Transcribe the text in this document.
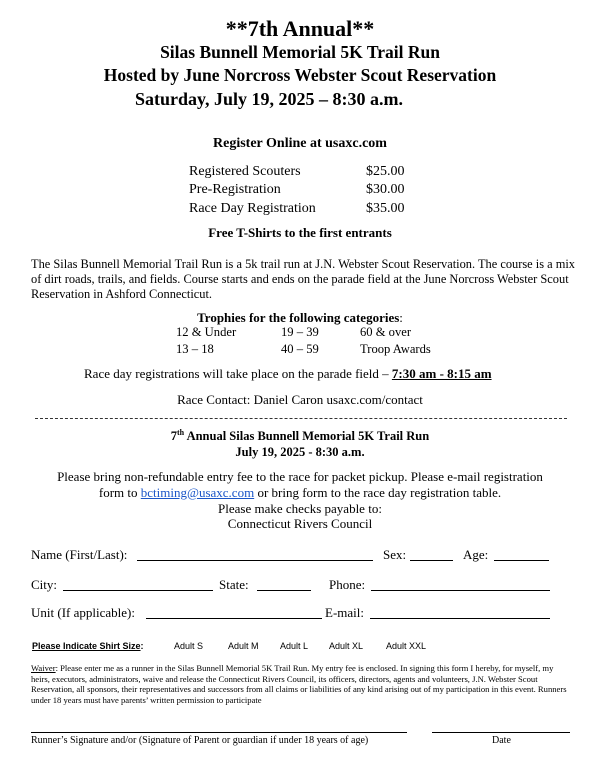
**7th Annual**
Silas Bunnell Memorial 5K Trail Run
Hosted by June Norcross Webster Scout Reservation
Saturday, July 19, 2025 – 8:30 a.m.
Register Online at usaxc.com
Registered Scouters	$25.00
Pre-Registration	$30.00
Race Day Registration	$35.00
Free T-Shirts to the first entrants
The Silas Bunnell Memorial Trail Run is a 5k trail run at J.N. Webster Scout Reservation. The course is a mix of dirt roads, trails, and fields. Course starts and ends on the parade field at the June Norcross Webster Scout Reservation in Ashford Connecticut.
Trophies for the following categories:
12 & Under	19 – 39	60 & over
13 – 18	40 – 59	Troop Awards
Race day registrations will take place on the parade field – 7:30 am - 8:15 am
Race Contact: Daniel Caron usaxc.com/contact
7th Annual Silas Bunnell Memorial 5K Trail Run
July 19, 2025 - 8:30 a.m.
Please bring non-refundable entry fee to the race for packet pickup. Please e-mail registration
form to bctiming@usaxc.com or bring form to the race day registration table.
Please make checks payable to:
Connecticut Rivers Council
Name (First/Last):	Sex:	Age:
City:	State:	Phone:
Unit (If applicable):	E-mail:
Please Indicate Shirt Size:	Adult S	Adult M Adult L Adult XL	Adult XXL
Waiver: Please enter me as a runner in the Silas Bunnell Memorial 5K Trail Run. My entry fee is enclosed. In signing this form I hereby, for myself, my heirs, executors, administrators, waive and release the Connecticut Rivers Council, its officers, directors, agents and volunteers, J.N. Webster Scout Reservation, all sponsors, their representatives and successors from all claims or liabilities of any kind arising out of my participation in this event. Runners under 18 years must have parents’ written permission to participate
Runner’s Signature and/or (Signature of Parent or guardian if under 18 years of age)	Date
